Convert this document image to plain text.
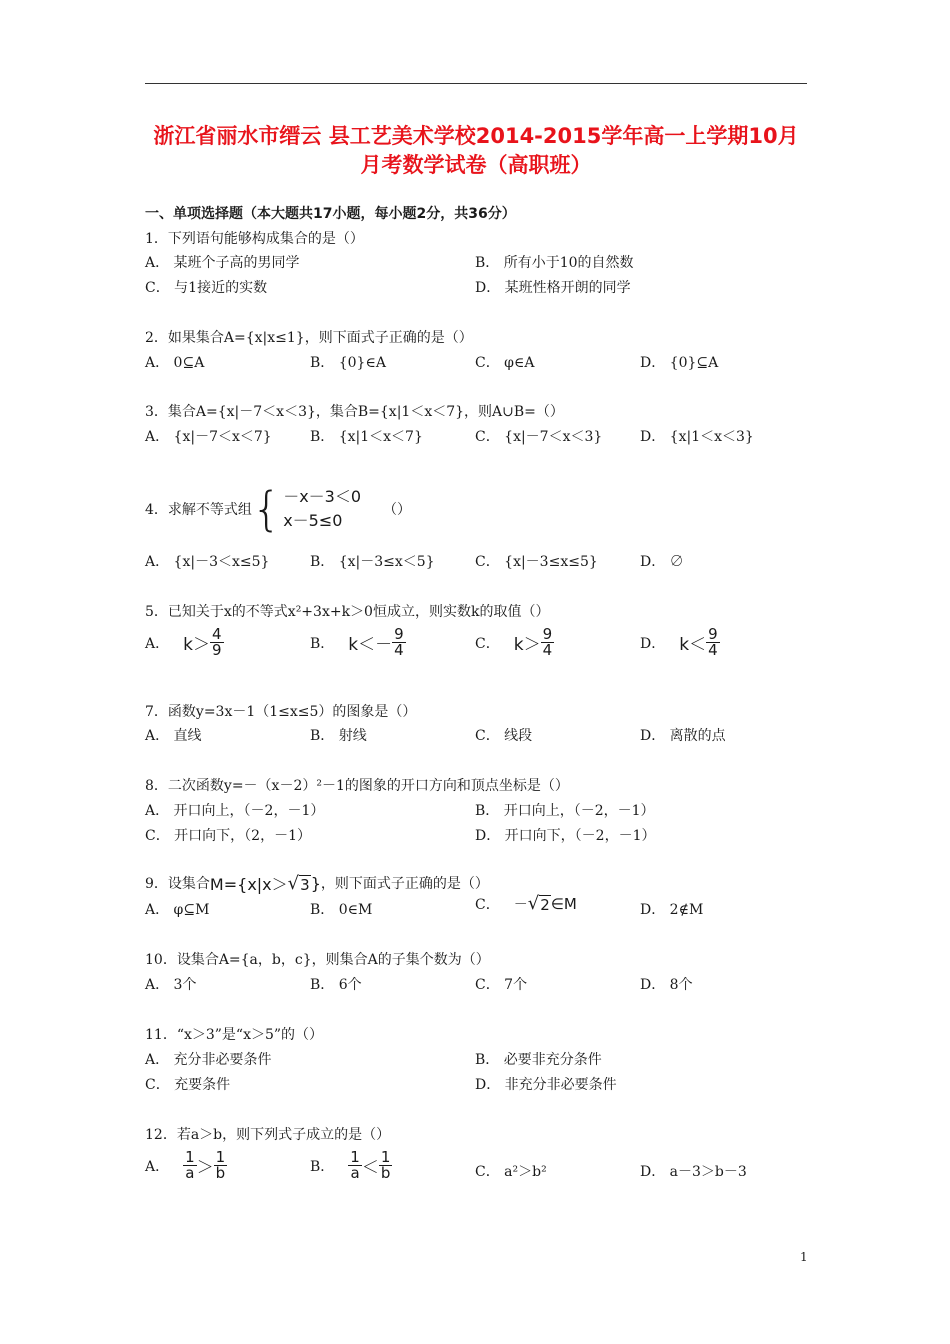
浙江省丽水市缙云 县工艺美术学校2014-2015学年高一上学期10月月考数学试卷（高职班）
一、单项选择题（本大题共17小题，每小题2分，共36分）
1．下列语句能够构成集合的是（）
A． 某班个子高的男同学	B． 所有小于10的自然数
C． 与1接近的实数	D． 某班性格开朗的同学
2．如果集合A={x|x≤1}，则下面式子正确的是（）
A． 0⊆A	B． {0}∈A	C． φ∈A	D． {0}⊆A
3．集合A={x|－7＜x＜3}，集合B={x|1＜x＜7}，则A∪B=（）
A． {x|－7＜x＜7}	B． {x|1＜x＜7}	C． {x|－7＜x＜3}	D． {x|1＜x＜3}
4．求解不等式组 { －x－3＜0
x－5≤0
（）
A． {x|－3＜x≤5}	B． {x|－3≤x＜5}	C． {x|－3≤x≤5}	D． ∅
5．已知关于x的不等式x²+3x+k＞0恒成立，则实数k的取值（）
A． $k> \frac{4}{9}$	B． $k<- \frac{9}{4}$	C． $k> \frac{9}{4}$	D． $k< \frac{9}{4}$
7．函数y=3x－1（1≤x≤5）的图象是（）
A． 直线	B． 射线	C． 线段	D． 离散的点
8．二次函数y=－（x－2）²－1的图象的开口方向和顶点坐标是（）
A． 开口向上，（－2，－1）	B． 开口向上，（－2，－1）
C． 开口向下，（2，－1）	D． 开口向下，（－2，－1）
9．设集合 M={x|x＞ √ 3 } ，则下面式子正确的是（）
A． φ⊆M	B． 0∈M	C． － √ 2 ∈M	D． 2∉M
10．设集合A={a，b，c}，则集合A的子集个数为（）
A． 3个	B． 6个	C． 7个	D． 8个
11．“x＞3”是“x＞5”的（）
A． 充分非必要条件	B． 必要非充分条件
C． 充要条件	D． 非充分非必要条件
12．若a＞b，则下列式子成立的是（）
A． $\frac{1}{a} > \frac{1}{b}$	B． $\frac{1}{a} < \frac{1}{b}$	C． a²＞b²	D． a－3＞b－3
1
